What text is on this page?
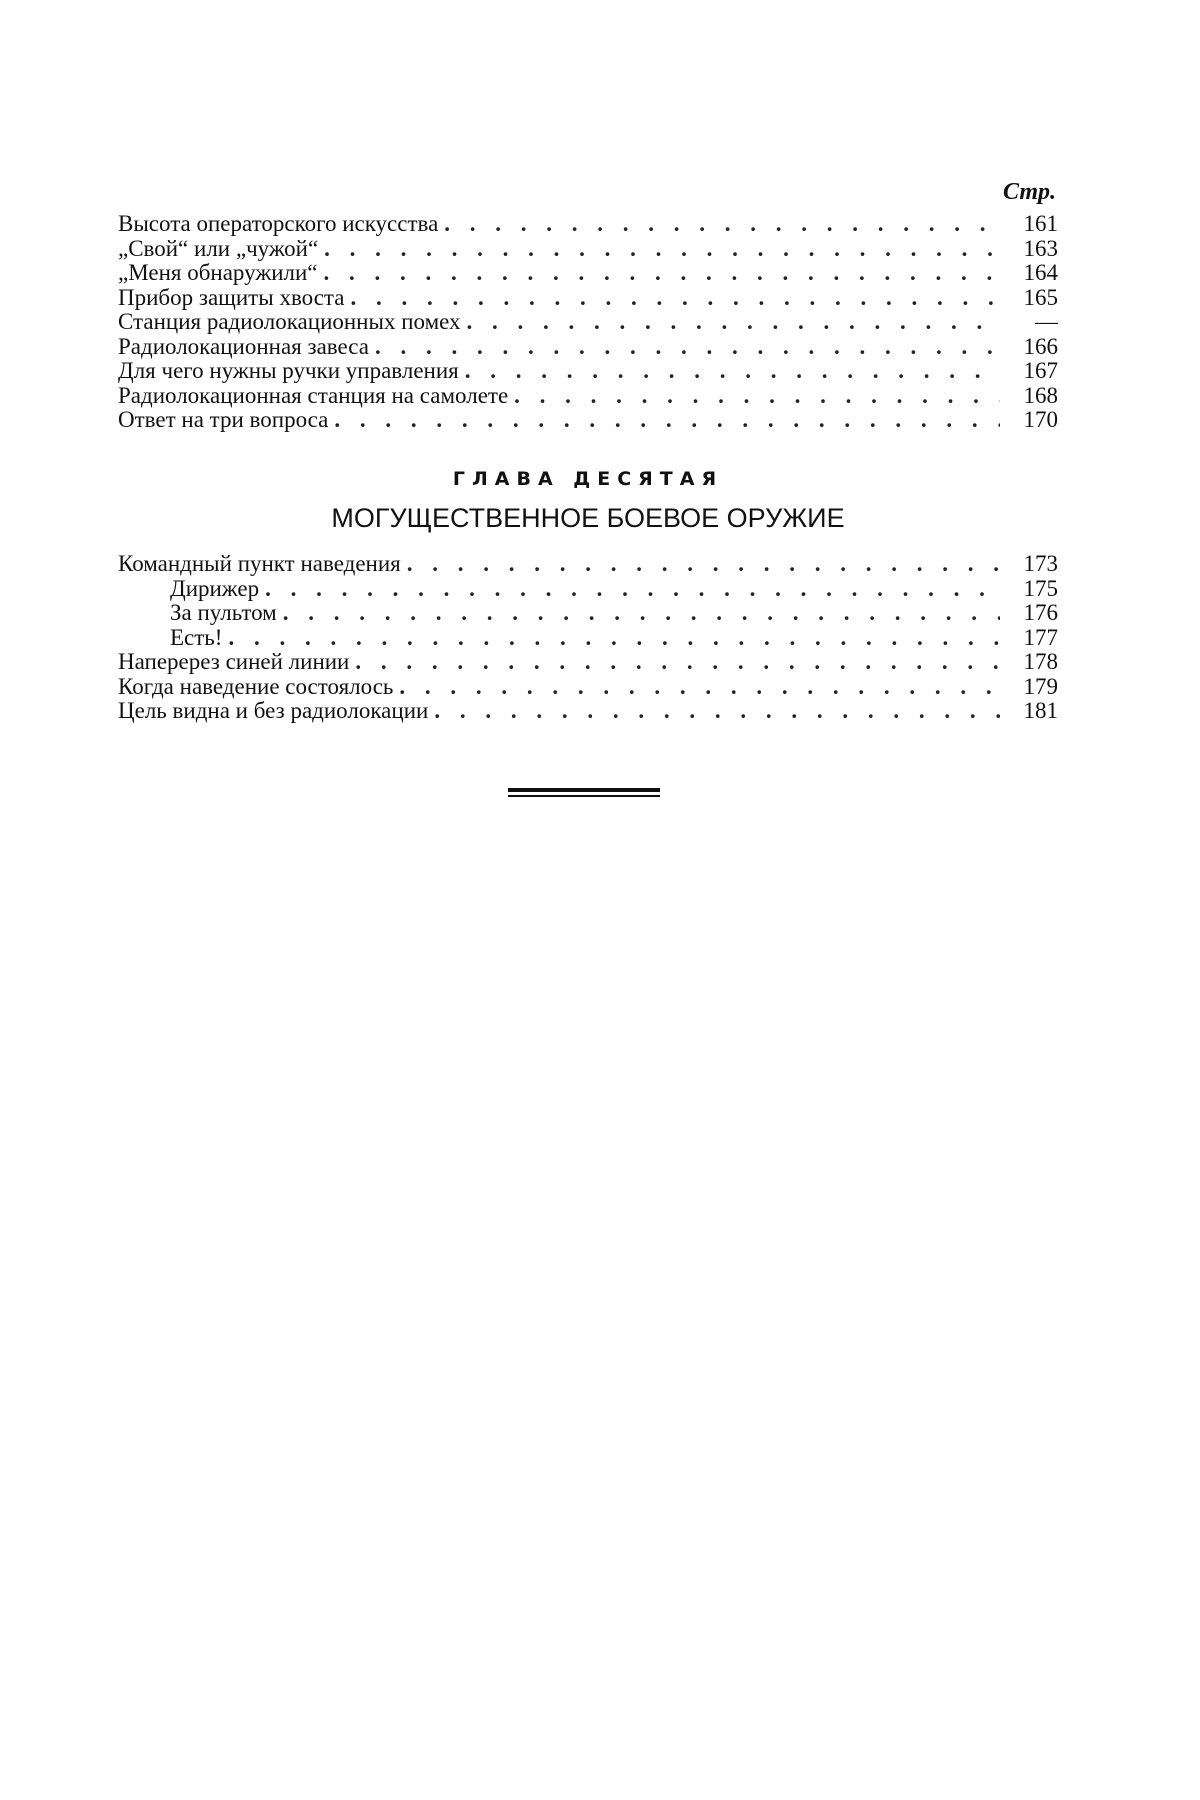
Стр.
Высота операторского искусства . . .	161
„Свой“ или „чужой“ . . .	163
„Меня обнаружили“ . . .	164
Прибор защиты хвоста . . .	165
Станция радиолокационных помех . . .	—
Радиолокационная завеса . . .	166
Для чего нужны ручки управления . . .	167
Радиолокационная станция на самолете . . .	168
Ответ на три вопроса . . .	170
ГЛАВА ДЕСЯТАЯ
МОГУЩЕСТВЕННОЕ БОЕВОЕ ОРУЖИЕ
Командный пункт наведения . . .	173
Дирижер . . .	175
За пультом . . .	176
Есть! . . .	177
Наперерез синей линии . . .	178
Когда наведение состоялось . . .	179
Цель видна и без радиолокации . . .	181
